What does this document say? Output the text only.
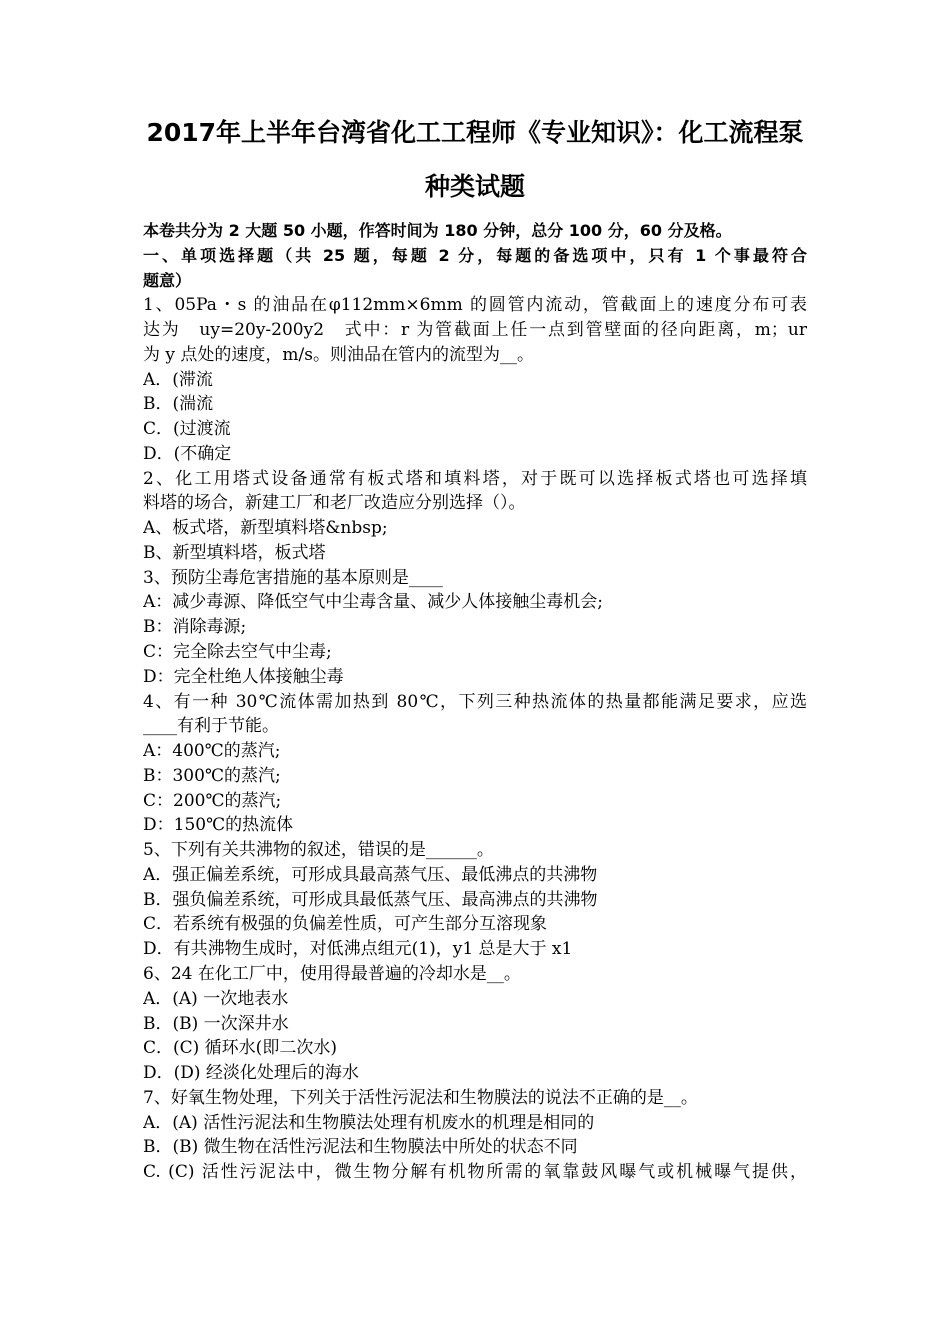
2017年上半年台湾省化工工程师《专业知识》：化工流程泵
种类试题
本卷共分为 2 大题 50 小题，作答时间为 180 分钟，总分 100 分，60 分及格。
一、单项选择题（共 25 题，每题 2 分，每题的备选项中，只有 1 个事最符合
题意）
1、05Pa・s 的油品在φ112mm×6mm 的圆管内流动，管截面上的速度分布可表
达为　uy=20y-200y2　式中：r 为管截面上任一点到管壁面的径向距离，m；ur
为 y 点处的速度，m/s。则油品在管内的流型为__。
A．(滞流
B．(湍流
C．(过渡流
D．(不确定
2、化工用塔式设备通常有板式塔和填料塔，对于既可以选择板式塔也可选择填
料塔的场合，新建工厂和老厂改造应分别选择（）。
A、板式塔，新型填料塔&nbsp;
B、新型填料塔，板式塔
3、预防尘毒危害措施的基本原则是____
A：减少毒源、降低空气中尘毒含量、减少人体接触尘毒机会;
B：消除毒源;
C：完全除去空气中尘毒;
D：完全杜绝人体接触尘毒
4、有一种 30℃流体需加热到 80℃，下列三种热流体的热量都能满足要求，应选
____有利于节能。
A：400℃的蒸汽;
B：300℃的蒸汽;
C：200℃的蒸汽;
D：150℃的热流体
5、下列有关共沸物的叙述，错误的是______。
A．强正偏差系统，可形成具最高蒸气压、最低沸点的共沸物
B．强负偏差系统，可形成具最低蒸气压、最高沸点的共沸物
C．若系统有极强的负偏差性质，可产生部分互溶现象
D．有共沸物生成时，对低沸点组元(1)，y1 总是大于 x1
6、24 在化工厂中，使用得最普遍的冷却水是__。
A．(A) 一次地表水
B．(B) 一次深井水
C．(C) 循环水(即二次水)
D．(D) 经淡化处理后的海水
7、好氧生物处理，下列关于活性污泥法和生物膜法的说法不正确的是__。
A．(A) 活性污泥法和生物膜法处理有机废水的机理是相同的
B．(B) 微生物在活性污泥法和生物膜法中所处的状态不同
C. (C) 活性污泥法中，微生物分解有机物所需的氧靠鼓风曝气或机械曝气提供，
